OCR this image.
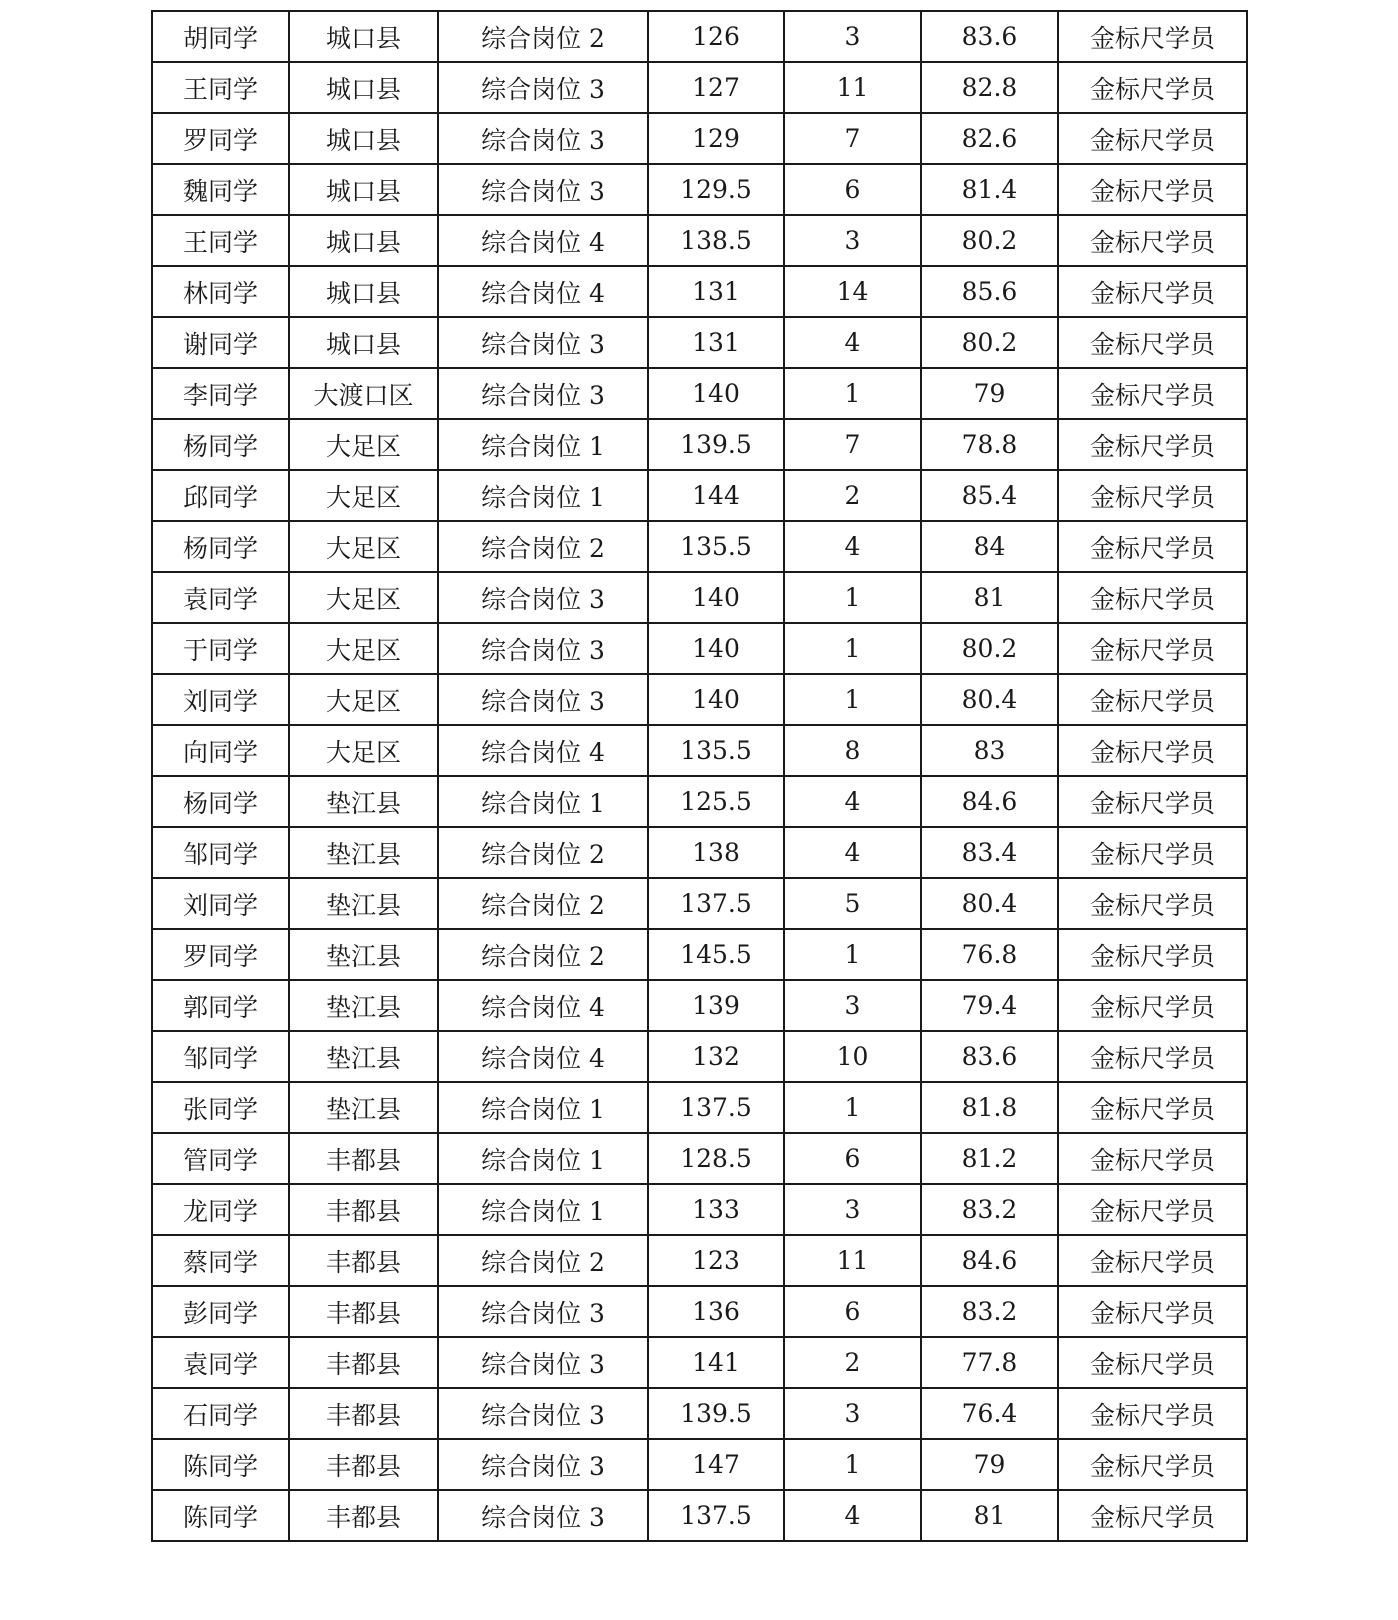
胡同学	城口县	综合岗位 2	126	3	83.6	金标尺学员
王同学	城口县	综合岗位 3	127	11	82.8	金标尺学员
罗同学	城口县	综合岗位 3	129	7	82.6	金标尺学员
魏同学	城口县	综合岗位 3	129.5	6	81.4	金标尺学员
王同学	城口县	综合岗位 4	138.5	3	80.2	金标尺学员
林同学	城口县	综合岗位 4	131	14	85.6	金标尺学员
谢同学	城口县	综合岗位 3	131	4	80.2	金标尺学员
李同学	大渡口区	综合岗位 3	140	1	79	金标尺学员
杨同学	大足区	综合岗位 1	139.5	7	78.8	金标尺学员
邱同学	大足区	综合岗位 1	144	2	85.4	金标尺学员
杨同学	大足区	综合岗位 2	135.5	4	84	金标尺学员
袁同学	大足区	综合岗位 3	140	1	81	金标尺学员
于同学	大足区	综合岗位 3	140	1	80.2	金标尺学员
刘同学	大足区	综合岗位 3	140	1	80.4	金标尺学员
向同学	大足区	综合岗位 4	135.5	8	83	金标尺学员
杨同学	垫江县	综合岗位 1	125.5	4	84.6	金标尺学员
邹同学	垫江县	综合岗位 2	138	4	83.4	金标尺学员
刘同学	垫江县	综合岗位 2	137.5	5	80.4	金标尺学员
罗同学	垫江县	综合岗位 2	145.5	1	76.8	金标尺学员
郭同学	垫江县	综合岗位 4	139	3	79.4	金标尺学员
邹同学	垫江县	综合岗位 4	132	10	83.6	金标尺学员
张同学	垫江县	综合岗位 1	137.5	1	81.8	金标尺学员
管同学	丰都县	综合岗位 1	128.5	6	81.2	金标尺学员
龙同学	丰都县	综合岗位 1	133	3	83.2	金标尺学员
蔡同学	丰都县	综合岗位 2	123	11	84.6	金标尺学员
彭同学	丰都县	综合岗位 3	136	6	83.2	金标尺学员
袁同学	丰都县	综合岗位 3	141	2	77.8	金标尺学员
石同学	丰都县	综合岗位 3	139.5	3	76.4	金标尺学员
陈同学	丰都县	综合岗位 3	147	1	79	金标尺学员
陈同学	丰都县	综合岗位 3	137.5	4	81	金标尺学员
